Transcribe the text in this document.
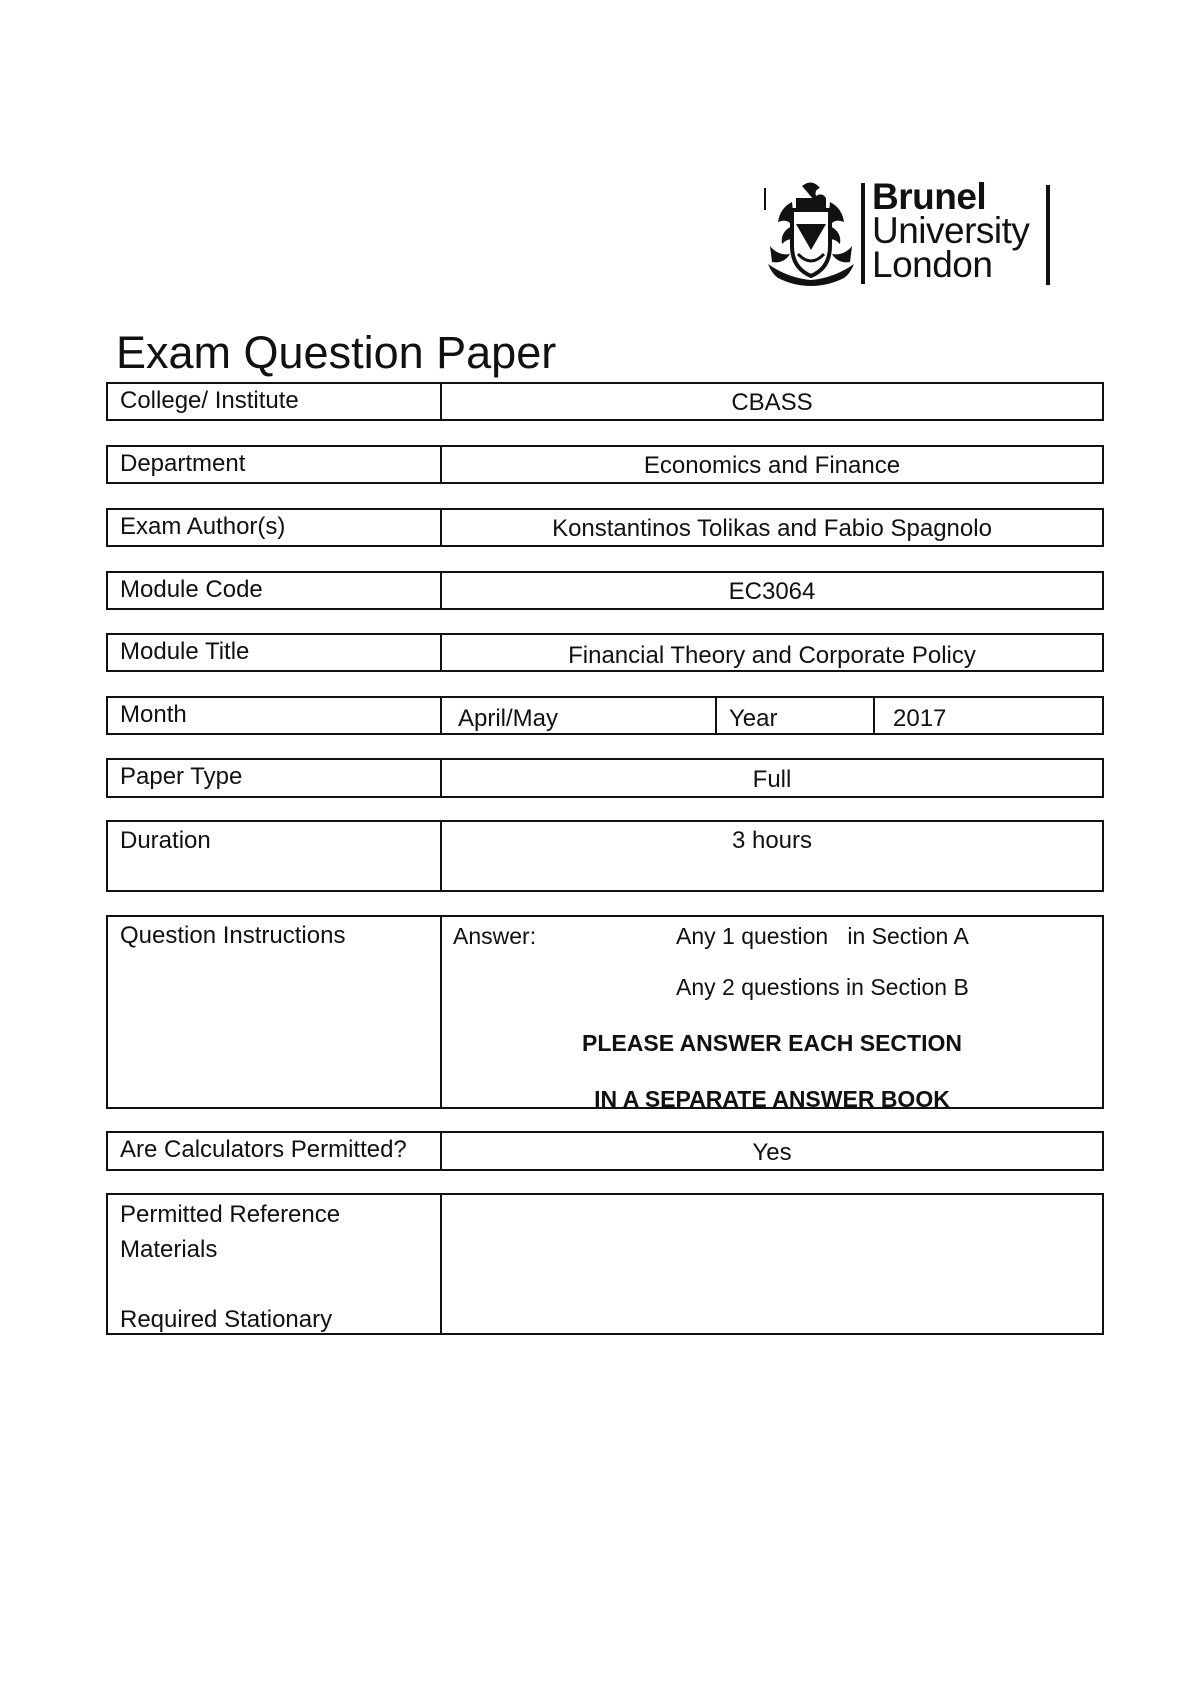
Brunel
University
London
Exam Question Paper
College/ Institute	CBASS
Department	Economics and Finance
Exam Author(s)	Konstantinos Tolikas and Fabio Spagnolo
Module Code	EC3064
Module Title	Financial Theory and Corporate Policy
Month	April/May	Year	2017
Paper Type	Full
Duration	3 hours
Question Instructions	Answer:	Any 1 question   in Section A
Any 2 questions in Section B
PLEASE ANSWER EACH SECTION
IN A SEPARATE ANSWER BOOK
Are Calculators Permitted?	Yes
Permitted Reference
Materials
Required Stationary
